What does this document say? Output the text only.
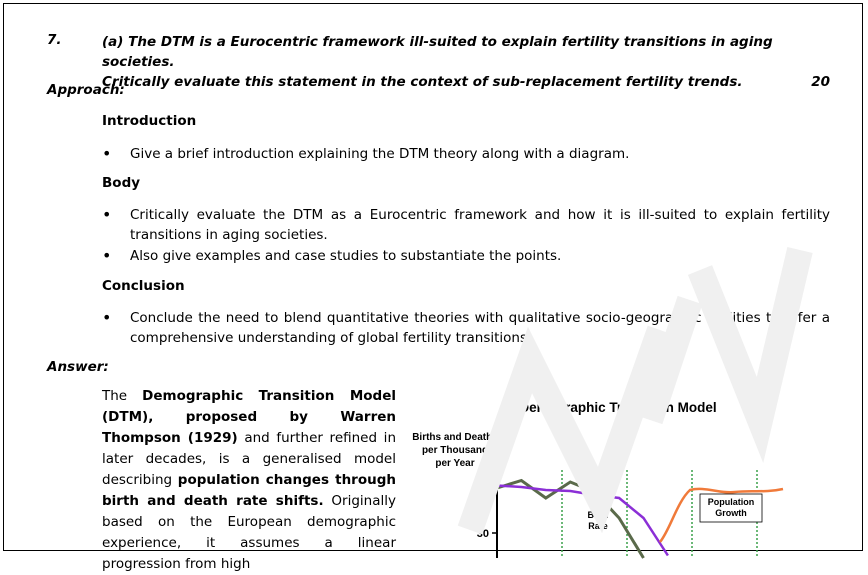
7.	(a) The DTM is a Eurocentric framework ill-suited to explain fertility transitions in aging societies.
Critically evaluate this statement in the context of sub-replacement fertility trends.	20
Approach:
Introduction
•	Give a brief introduction explaining the DTM theory along with a diagram.
Body
•	Critically evaluate the DTM as a Eurocentric framework and how it is ill-suited to explain fertility transitions in aging societies.
•	Also give examples and case studies to substantiate the points.
Conclusion
•	Conclude the need to blend quantitative theories with qualitative socio-geographic realities to offer a comprehensive understanding of global fertility transitions.
Answer:
The Demographic Transition Model (DTM), proposed by Warren Thompson (1929) and further refined in later decades, is a generalised model describing population changes through birth and death rate shifts. Originally based on the European demographic experience, it assumes a linear progression from high
Demographic Transition Model
Births and Deaths
per Thousand
per Year
40
30
Birth
Rate
Population
Growth
